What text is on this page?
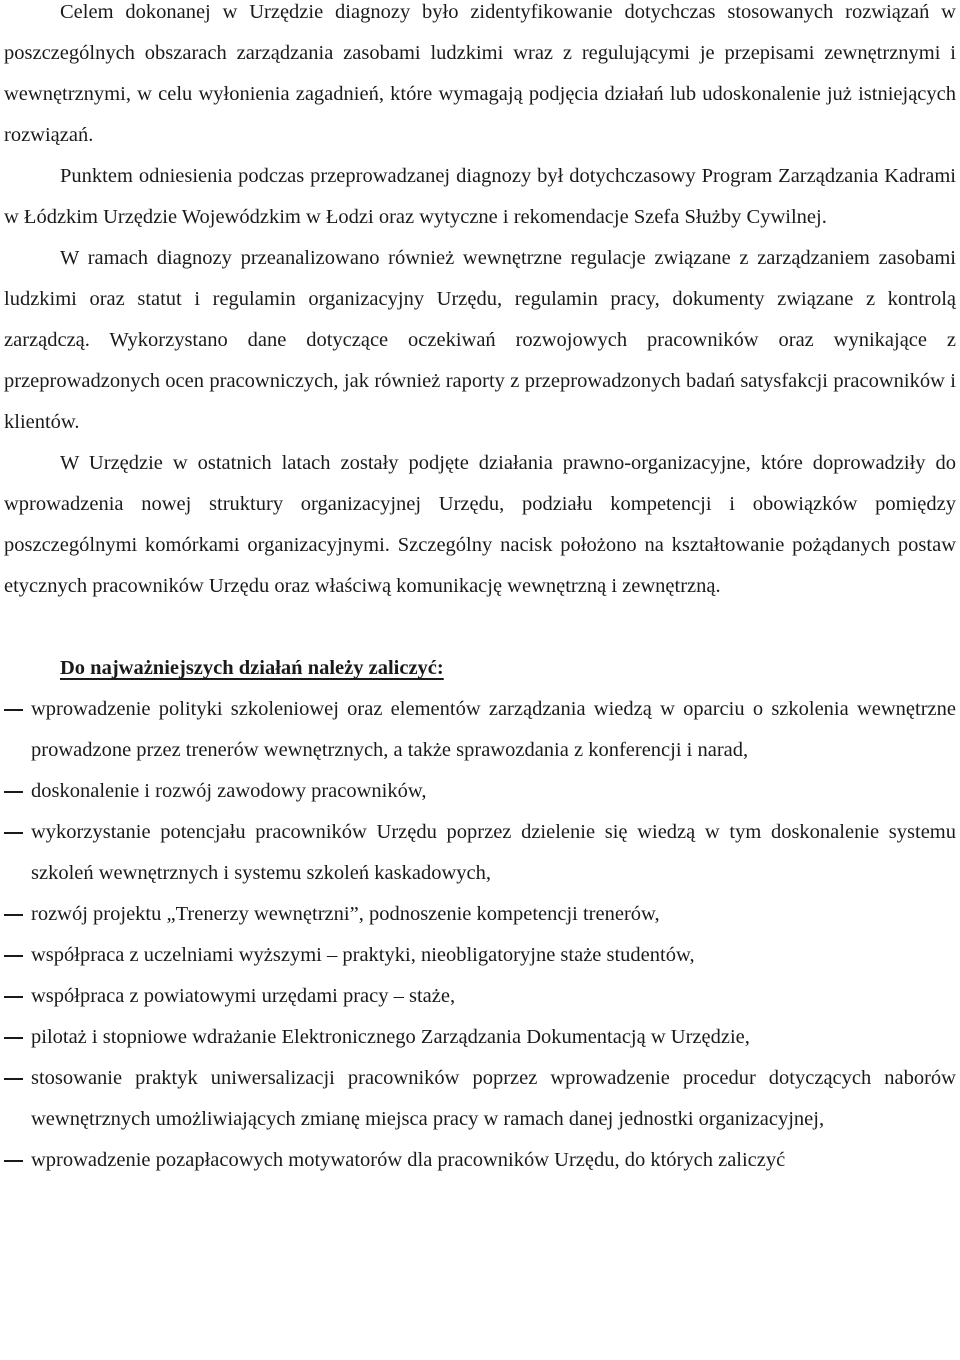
Celem dokonanej w Urzędzie diagnozy było zidentyfikowanie dotychczas stosowanych rozwiązań w poszczególnych obszarach zarządzania zasobami ludzkimi wraz z regulującymi je przepisami zewnętrznymi i wewnętrznymi, w celu wyłonienia zagadnień, które wymagają podjęcia działań lub udoskonalenie już istniejących rozwiązań.

Punktem odniesienia podczas przeprowadzanej diagnozy był dotychczasowy Program Zarządzania Kadrami w Łódzkim Urzędzie Wojewódzkim w Łodzi oraz wytyczne i rekomendacje Szefa Służby Cywilnej.

W ramach diagnozy przeanalizowano również wewnętrzne regulacje związane z zarządzaniem zasobami ludzkimi oraz statut i regulamin organizacyjny Urzędu, regulamin pracy, dokumenty związane z kontrolą zarządczą. Wykorzystano dane dotyczące oczekiwań rozwojowych pracowników oraz wynikające z przeprowadzonych ocen pracowniczych, jak również raporty z przeprowadzonych badań satysfakcji pracowników i klientów.

W Urzędzie w ostatnich latach zostały podjęte działania prawno-organizacyjne, które doprowadziły do wprowadzenia nowej struktury organizacyjnej Urzędu, podziału kompetencji i obowiązków pomiędzy poszczególnymi komórkami organizacyjnymi. Szczególny nacisk położono na kształtowanie pożądanych postaw etycznych pracowników Urzędu oraz właściwą komunikację wewnętrzną i zewnętrzną.

Do najważniejszych działań należy zaliczyć:
wprowadzenie polityki szkoleniowej oraz elementów zarządzania wiedzą w oparciu o szkolenia wewnętrzne prowadzone przez trenerów wewnętrznych, a także sprawozdania z konferencji i narad,
doskonalenie i rozwój zawodowy pracowników,
wykorzystanie potencjału pracowników Urzędu poprzez dzielenie się wiedzą w tym doskonalenie systemu szkoleń wewnętrznych i systemu szkoleń kaskadowych,
rozwój projektu „Trenerzy wewnętrzni”, podnoszenie kompetencji trenerów,
współpraca z uczelniami wyższymi – praktyki, nieobligatoryjne staże studentów,
współpraca z powiatowymi urzędami pracy – staże,
pilotaż i stopniowe wdrażanie Elektronicznego Zarządzania Dokumentacją w Urzędzie,
stosowanie praktyk uniwersalizacji pracowników poprzez wprowadzenie procedur dotyczących naborów wewnętrznych umożliwiających zmianę miejsca pracy w ramach danej jednostki organizacyjnej,
wprowadzenie pozapłacowych motywatorów dla pracowników Urzędu, do których zaliczyć
